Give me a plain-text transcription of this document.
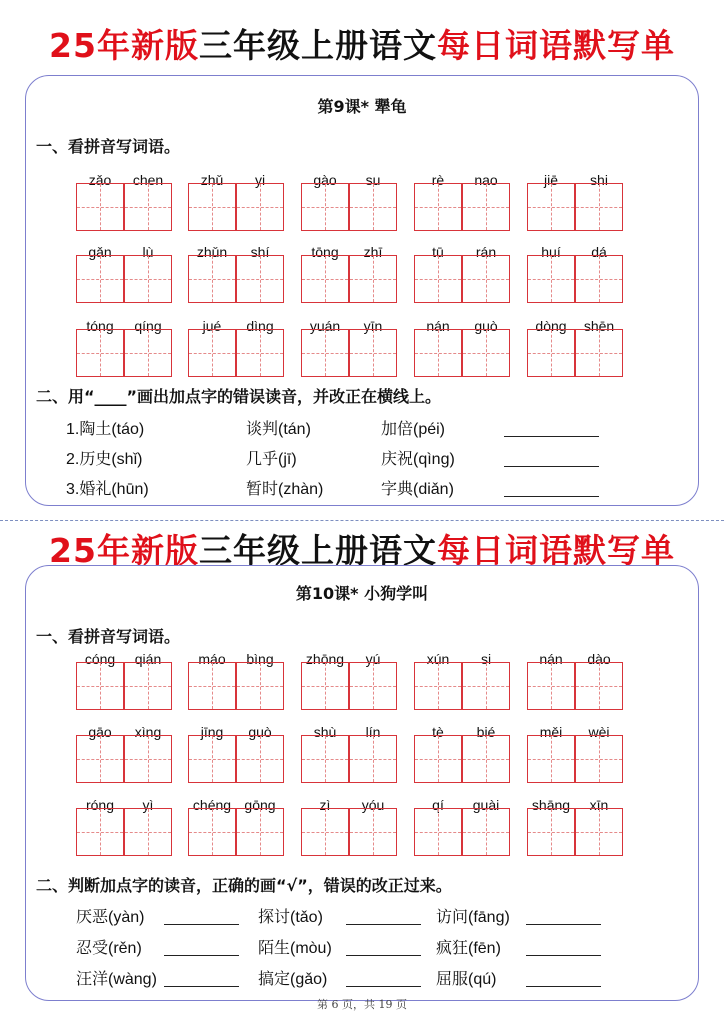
25年新版三年级上册语文每日词语默写单
第9课* 犟龟
一、看拼音写词语。
zǎo	chen	zhǔ	yi	gào	su	rè	nao	jiē	shi
gǎn	lù	zhǔn	shí	tōng	zhī	tū	rán	huí	dá
tóng	qíng	jué	dìng	yuán	yīn	nán	guò	dòng	shēn
二、用“____”画出加点字的错误读音，并改正在横线上。
1.陶土(táo)	谈判(tán)	加倍(péi)
2.历史(shǐ)	几乎(jī)	庆祝(qìng)
3.婚礼(hūn)	暂时(zhàn)	字典(diǎn)
25年新版三年级上册语文每日词语默写单
第10课* 小狗学叫
一、看拼音写词语。
cóng	qián	máo	bìng	zhōng	yú	xún	si	nán	dào
gāo	xìng	jīng	guò	shù	lín	tè	bié	měi	wèi
róng	yì	chéng gōng	zì	yóu	qí	guài	shāng	xīn
二、判断加点字的读音，正确的画“√”，错误的改正过来。
厌恶(yàn)	探讨(tǎo)	访问(fāng)
忍受(rěn)	陌生(mòu)	疯狂(fēn)
汪洋(wàng)	搞定(gǎo)	屈服(qú)
第 6 页，共 19 页
